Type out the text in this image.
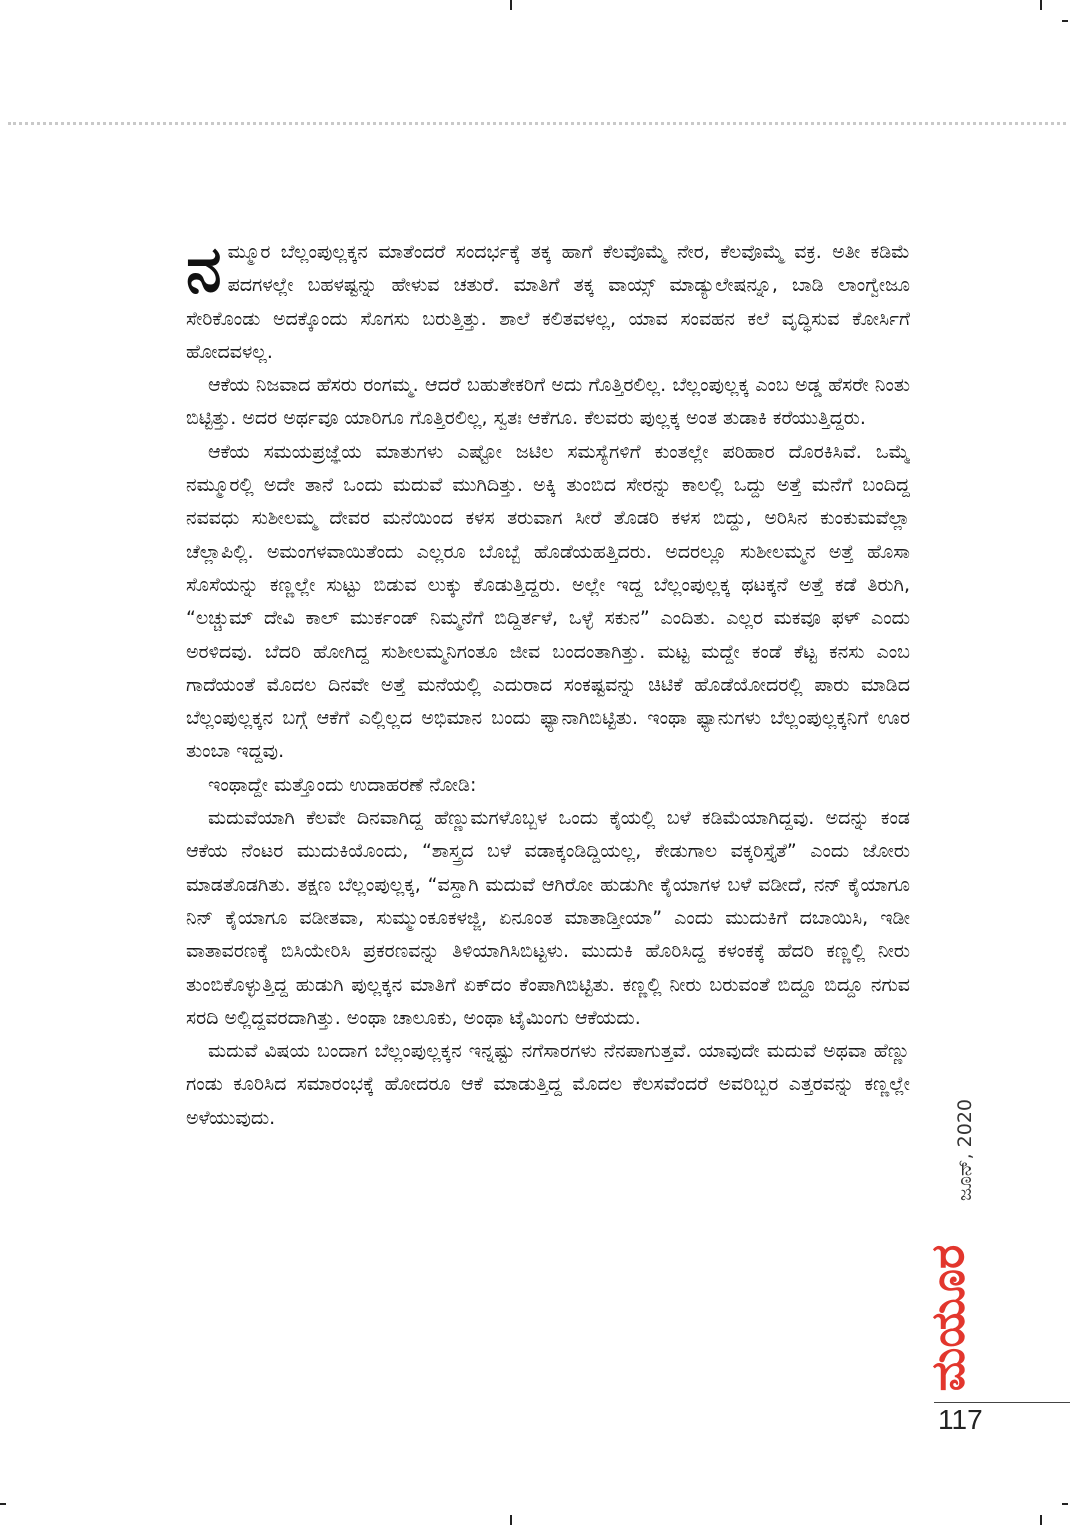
ನಮ್ಮೂರ ಬೆಲ್ಲಂಪುಲ್ಲಕ್ಕನ ಮಾತೆಂದರೆ ಸಂದರ್ಭಕ್ಕೆ ತಕ್ಕ ಹಾಗೆ ಕೆಲವೊಮ್ಮೆ ನೇರ, ಕೆಲವೊಮ್ಮೆ ವಕ್ರ. ಅತೀ ಕಡಿಮೆ ಪದಗಳಲ್ಲೇ ಬಹಳಷ್ಟನ್ನು ಹೇಳುವ ಚತುರೆ. ಮಾತಿಗೆ ತಕ್ಕ ವಾಯ್ಸ್ ಮಾಡ್ಯುಲೇಷನ್ನೂ, ಬಾಡಿ ಲಾಂಗ್ವೇಜೂ ಸೇರಿಕೊಂಡು ಅದಕ್ಕೊಂದು ಸೊಗಸು ಬರುತ್ತಿತ್ತು. ಶಾಲೆ ಕಲಿತವಳಲ್ಲ, ಯಾವ ಸಂವಹನ ಕಲೆ ವೃದ್ಧಿಸುವ ಕೋರ್ಸಿಗೆ ಹೋದವಳಲ್ಲ.

ಆಕೆಯ ನಿಜವಾದ ಹೆಸರು ರಂಗಮ್ಮ. ಆದರೆ ಬಹುತೇಕರಿಗೆ ಅದು ಗೊತ್ತಿರಲಿಲ್ಲ. ಬೆಲ್ಲಂಪುಲ್ಲಕ್ಕ ಎಂಬ ಅಡ್ಡ ಹೆಸರೇ ನಿಂತು ಬಿಟ್ಟಿತ್ತು. ಅದರ ಅರ್ಥವೂ ಯಾರಿಗೂ ಗೊತ್ತಿರಲಿಲ್ಲ, ಸ್ವತಃ ಆಕೆಗೂ. ಕೆಲವರು ಪುಲ್ಲಕ್ಕ ಅಂತ ತುಡಾಕಿ ಕರೆಯುತ್ತಿದ್ದರು.

ಆಕೆಯ ಸಮಯಪ್ರಜ್ಞೆಯ ಮಾತುಗಳು ಎಷ್ಟೋ ಜಟಿಲ ಸಮಸ್ಯೆಗಳಿಗೆ ಕುಂತಲ್ಲೇ ಪರಿಹಾರ ದೊರಕಿಸಿವೆ. ಒಮ್ಮೆ ನಮ್ಮೂರಲ್ಲಿ ಅದೇ ತಾನೆ ಒಂದು ಮದುವೆ ಮುಗಿದಿತ್ತು. ಅಕ್ಕಿ ತುಂಬಿದ ಸೇರನ್ನು ಕಾಲಲ್ಲಿ ಒದ್ದು ಅತ್ತೆ ಮನೆಗೆ ಬಂದಿದ್ದ ನವವಧು ಸುಶೀಲಮ್ಮ ದೇವರ ಮನೆಯಿಂದ ಕಳಸ ತರುವಾಗ ಸೀರೆ ತೊಡರಿ ಕಳಸ ಬಿದ್ದು, ಅರಿಸಿನ ಕುಂಕುಮವೆಲ್ಲಾ ಚೆಲ್ಲಾಪಿಲ್ಲಿ. ಅಮಂಗಳವಾಯಿತೆಂದು ಎಲ್ಲರೂ ಬೊಬ್ಬೆ ಹೊಡೆಯಹತ್ತಿದರು. ಅದರಲ್ಲೂ ಸುಶೀಲಮ್ಮನ ಅತ್ತೆ ಹೊಸಾ ಸೊಸೆಯನ್ನು ಕಣ್ಣಲ್ಲೇ ಸುಟ್ಟು ಬಿಡುವ ಲುಕ್ಕು ಕೊಡುತ್ತಿದ್ದರು. ಅಲ್ಲೇ ಇದ್ದ ಬೆಲ್ಲಂಪುಲ್ಲಕ್ಕ ಥಟಕ್ಕನೆ ಅತ್ತೆ ಕಡೆ ತಿರುಗಿ, “ಲಚ್ಚುಮ್ ದೇವಿ ಕಾಲ್ ಮುರ್ಕಂಡ್ ನಿಮ್ಮನೆಗೆ ಬಿದ್ದಿರ್ತಳೆ, ಒಳ್ಳೆ ಸಕುನ” ಎಂದಿತು. ಎಲ್ಲರ ಮಕವೂ ಫಳ್ ಎಂದು ಅರಳಿದವು. ಬೆದರಿ ಹೋಗಿದ್ದ ಸುಶೀಲಮ್ಮನಿಗಂತೂ ಜೀವ ಬಂದಂತಾಗಿತ್ತು. ಮಟ್ಟ ಮದ್ದೇ ಕಂಡೆ ಕೆಟ್ಟ ಕನಸು ಎಂಬ ಗಾದೆಯಂತೆ ಮೊದಲ ದಿನವೇ ಅತ್ತೆ ಮನೆಯಲ್ಲಿ ಎದುರಾದ ಸಂಕಷ್ಟವನ್ನು ಚಿಟಿಕೆ ಹೊಡೆಯೋದರಲ್ಲಿ ಪಾರು ಮಾಡಿದ ಬೆಲ್ಲಂಪುಲ್ಲಕ್ಕನ ಬಗ್ಗೆ ಆಕೆಗೆ ಎಲ್ಲಿಲ್ಲದ ಅಭಿಮಾನ ಬಂದು ಫ್ಯಾನಾಗಿಬಿಟ್ಟಿತು. ಇಂಥಾ ಫ್ಯಾನುಗಳು ಬೆಲ್ಲಂಪುಲ್ಲಕ್ಕನಿಗೆ ಊರ ತುಂಬಾ ಇದ್ದವು.

ಇಂಥಾದ್ದೇ ಮತ್ತೊಂದು ಉದಾಹರಣೆ ನೋಡಿ:

ಮದುವೆಯಾಗಿ ಕೆಲವೇ ದಿನವಾಗಿದ್ದ ಹೆಣ್ಣುಮಗಳೊಬ್ಬಳ ಒಂದು ಕೈಯಲ್ಲಿ ಬಳೆ ಕಡಿಮೆಯಾಗಿದ್ದವು. ಅದನ್ನು ಕಂಡ ಆಕೆಯ ನೆಂಟರ ಮುದುಕಿಯೊಂದು, “ಶಾಸ್ತ್ರದ ಬಳೆ ವಡಾಕ್ಕಂಡಿದ್ದಿಯಲ್ಲ, ಕೇಡುಗಾಲ ವಕ್ಕರಿಸ್ತೈತೆ” ಎಂದು ಜೋರು ಮಾಡತೊಡಗಿತು. ತಕ್ಷಣ ಬೆಲ್ಲಂಪುಲ್ಲಕ್ಕ, “ವಸ್ದಾಗಿ ಮದುವೆ ಆಗಿರೋ ಹುಡುಗೀ ಕೈಯಾಗಳ ಬಳೆ ವಡೀದೆ, ನನ್ ಕೈಯಾಗೂ ನಿನ್ ಕೈಯಾಗೂ ವಡೀತವಾ, ಸುಮ್ಮುಂಕೂಕಳಜ್ಜಿ, ಏನೂಂತ ಮಾತಾಡ್ತೀಯಾ” ಎಂದು ಮುದುಕಿಗೆ ದಬಾಯಿಸಿ, ಇಡೀ ವಾತಾವರಣಕ್ಕೆ ಬಿಸಿಯೇರಿಸಿ ಪ್ರಕರಣವನ್ನು ತಿಳಿಯಾಗಿಸಿಬಿಟ್ಟಳು. ಮುದುಕಿ ಹೊರಿಸಿದ್ದ ಕಳಂಕಕ್ಕೆ ಹೆದರಿ ಕಣ್ಣಲ್ಲಿ ನೀರು ತುಂಬಿಕೊಳ್ಳುತ್ತಿದ್ದ ಹುಡುಗಿ ಪುಲ್ಲಕ್ಕನ ಮಾತಿಗೆ ಏಕ್‌ದಂ ಕೆಂಪಾಗಿಬಿಟ್ಟಿತು. ಕಣ್ಣಲ್ಲಿ ನೀರು ಬರುವಂತೆ ಬಿದ್ದೂ ಬಿದ್ದೂ ನಗುವ ಸರದಿ ಅಲ್ಲಿದ್ದವರದಾಗಿತ್ತು. ಅಂಥಾ ಚಾಲೂಕು, ಅಂಥಾ ಟೈಮಿಂಗು ಆಕೆಯದು.

ಮದುವೆ ವಿಷಯ ಬಂದಾಗ ಬೆಲ್ಲಂಪುಲ್ಲಕ್ಕನ ಇನ್ನಷ್ಟು ನಗೆಸಾರಗಳು ನೆನಪಾಗುತ್ತವೆ. ಯಾವುದೇ ಮದುವೆ ಅಥವಾ ಹೆಣ್ಣು ಗಂಡು ಕೂರಿಸಿದ ಸಮಾರಂಭಕ್ಕೆ ಹೋದರೂ ಆಕೆ ಮಾಡುತ್ತಿದ್ದ ಮೊದಲ ಕೆಲಸವೆಂದರೆ ಅವರಿಬ್ಬರ ಎತ್ತರವನ್ನು ಕಣ್ಣಲ್ಲೇ ಅಳೆಯುವುದು.	ಜೂನ್, 2020
ಮಯೂರ
117
